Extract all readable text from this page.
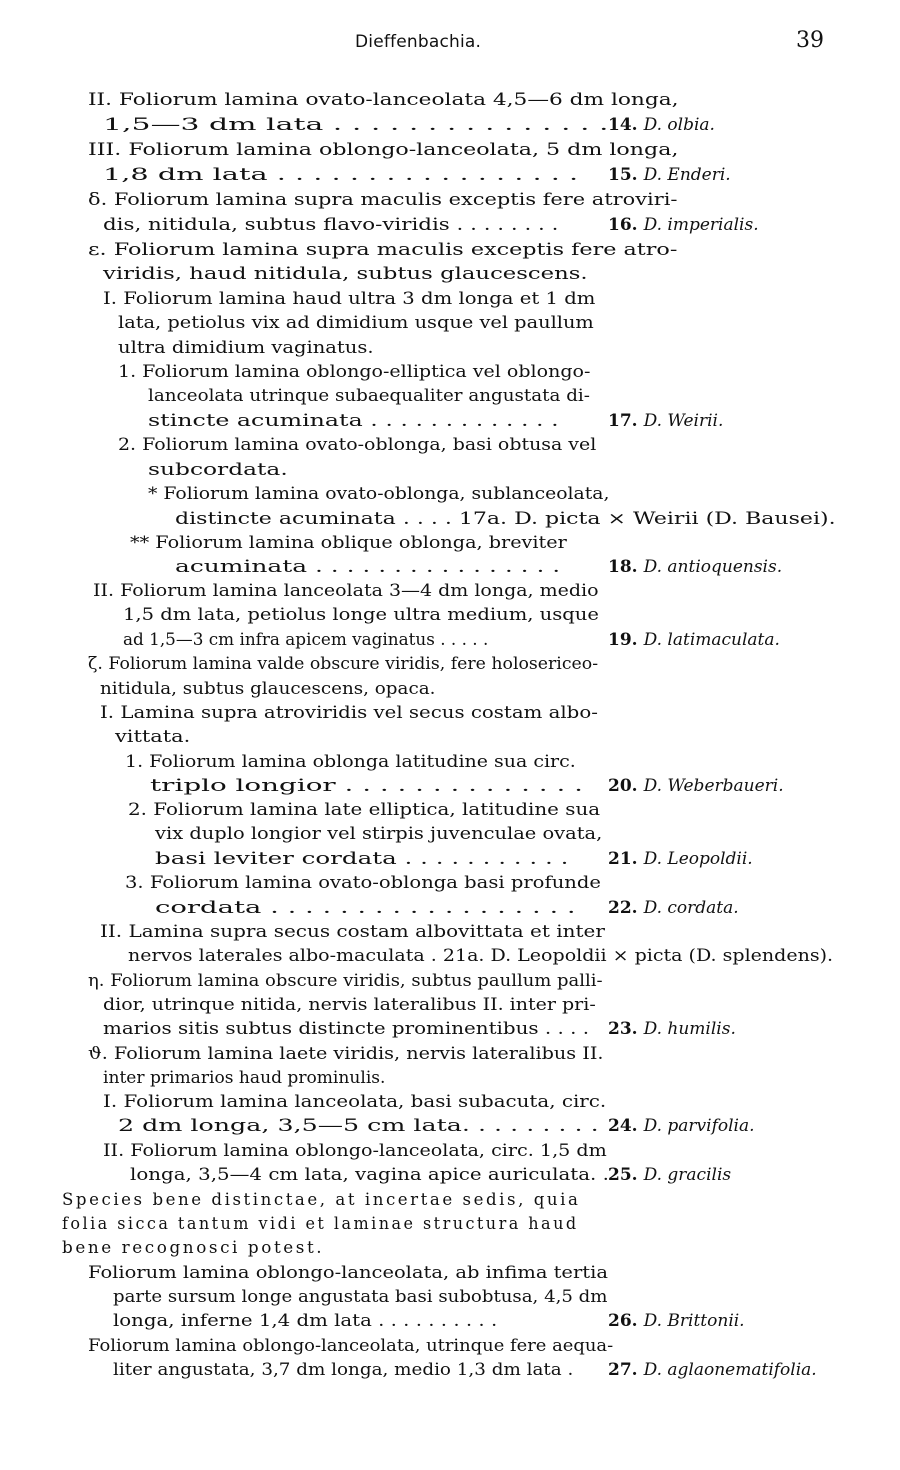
Dieffenbachia.	39
II. Foliorum lamina ovato-lanceolata 4,5—6 dm longa,
1,5—3 dm lata . . . . . . . . . . . . . . . 14. D. olbia.
III. Foliorum lamina oblongo-lanceolata, 5 dm longa,
1,8 dm lata . . . . . . . . . . . . . . . . . 15. D. Enderi.
δ. Foliorum lamina supra maculis exceptis fere atroviri-
dis, nitidula, subtus flavo-viridis . . . . . . . .	16. D. imperialis.
ε. Foliorum lamina supra maculis exceptis fere atro-
viridis, haud nitidula, subtus glaucescens.
I. Foliorum lamina haud ultra 3 dm longa et 1 dm
lata, petiolus vix ad dimidium usque vel paullum
ultra dimidium vaginatus.
1. Foliorum lamina oblongo-elliptica vel oblongo-
lanceolata utrinque subaequaliter angustata di-
stincte acuminata . . . . . . . . . . . . .	17. D. Weirii.
2. Foliorum lamina ovato-oblonga, basi obtusa vel
subcordata.
* Foliorum lamina ovato-oblonga, sublanceolata,
distincte acuminata . . . . 17a. D. picta × Weirii (D. Bausei).
** Foliorum lamina oblique oblonga, breviter
acuminata . . . . . . . . . . . . . . . .	18. D. antioquensis.
II. Foliorum lamina lanceolata 3—4 dm longa, medio
1,5 dm lata, petiolus longe ultra medium, usque
ad 1,5—3 cm infra apicem vaginatus . . . . .	19. D. latimaculata.
ζ. Foliorum lamina valde obscure viridis, fere holosericeo-
nitidula, subtus glaucescens, opaca.
I. Lamina supra atroviridis vel secus costam albo-
vittata.
1. Foliorum lamina oblonga latitudine sua circ.
triplo longior . . . . . . . . . . . . . . 20. D. Weberbaueri.
2. Foliorum lamina late elliptica, latitudine sua
vix duplo longior vel stirpis juvenculae ovata,
basi leviter cordata . . . . . . . . . . . 21. D. Leopoldii.
3. Foliorum lamina ovato-oblonga basi profunde
cordata . . . . . . . . . . . . . . . . . . 22. D. cordata.
II. Lamina supra secus costam albovittata et inter
nervos laterales albo-maculata . 21a. D. Leopoldii × picta (D. splendens).
η. Foliorum lamina obscure viridis, subtus paullum palli-
dior, utrinque nitida, nervis lateralibus II. inter pri-
marios sitis subtus distincte prominentibus . . . . 23. D. humilis.
ϑ. Foliorum lamina laete viridis, nervis lateralibus II.
inter primarios haud prominulis.
I. Foliorum lamina lanceolata, basi subacuta, circ.
2 dm longa, 3,5—5 cm lata. . . . . . . . . 24. D. parvifolia.
II. Foliorum lamina oblongo-lanceolata, circ. 1,5 dm
longa, 3,5—4 cm lata, vagina apice auriculata. . 25. D. gracilis
Species bene distinctae, at incertae sedis, quia
folia sicca tantum vidi et laminae structura haud
bene recognosci potest.
Foliorum lamina oblongo-lanceolata, ab infima tertia
parte sursum longe angustata basi subobtusa, 4,5 dm
longa, inferne 1,4 dm lata . . . . . . . . . .	26. D. Brittonii.
Foliorum lamina oblongo-lanceolata, utrinque fere aequa-
liter angustata, 3,7 dm longa, medio 1,3 dm lata . 27. D. aglaonematifolia.
